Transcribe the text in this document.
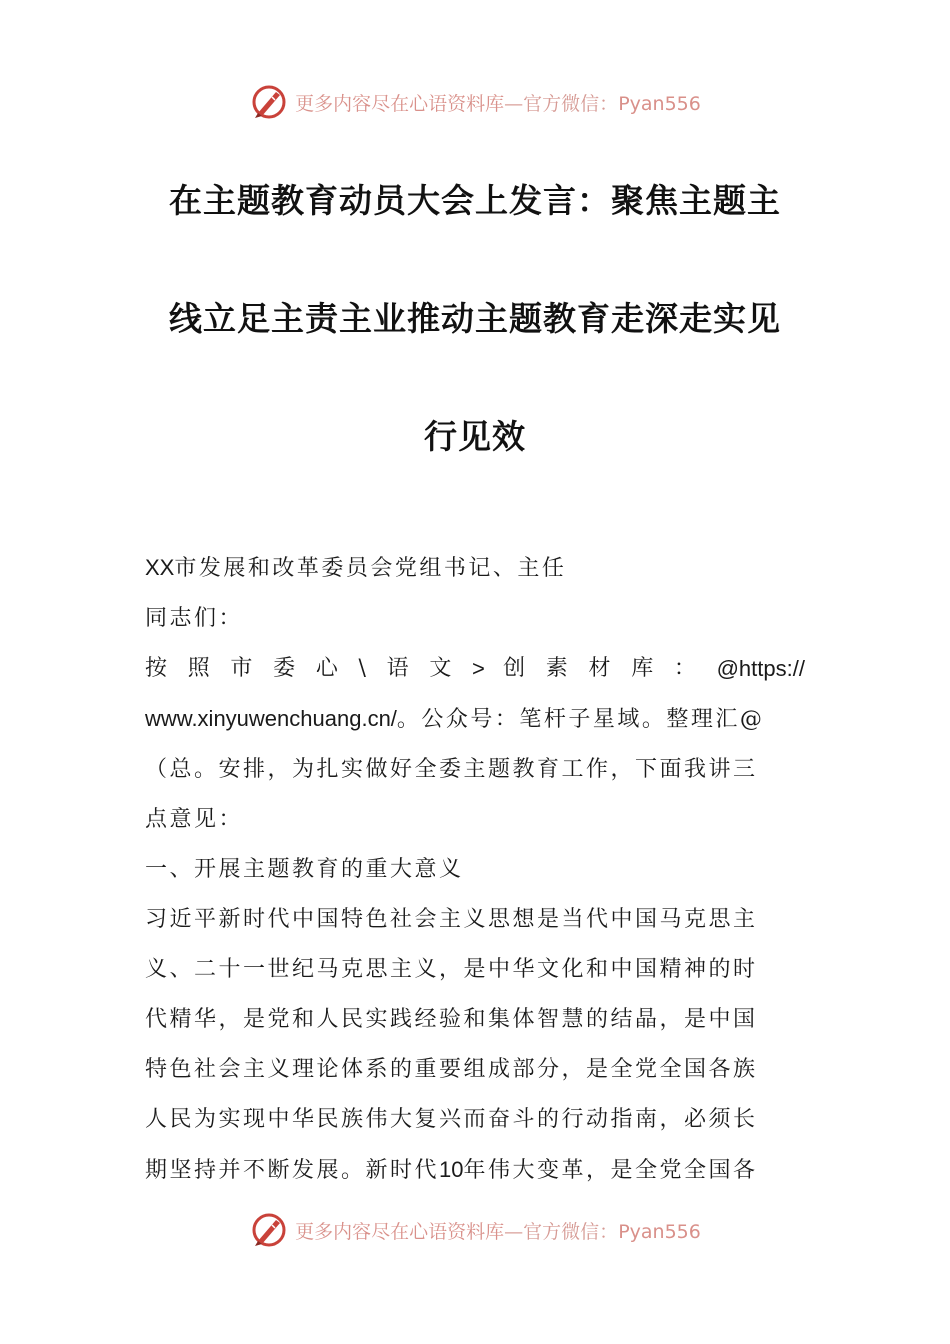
更多内容尽在心语资料库—官方微信：Pyan556
在主题教育动员大会上发言：聚焦主题主
线立足主责主业推动主题教育走深走实见
行见效

XX市发展和改革委员会党组书记、主任

同志们：

按 照 市 委 心 \ 语 文 > 创 素 材 库 ： @https://

www.xinyuwenchuang.cn/。公众号：笔杆子星域。整理汇@

（总。安排，为扎实做好全委主题教育工作，下面我讲三

点意见：

一、开展主题教育的重大意义

习近平新时代中国特色社会主义思想是当代中国马克思主

义、二十一世纪马克思主义，是中华文化和中国精神的时

代精华，是党和人民实践经验和集体智慧的结晶，是中国

特色社会主义理论体系的重要组成部分，是全党全国各族

人民为实现中华民族伟大复兴而奋斗的行动指南，必须长

期坚持并不断发展。新时代10年伟大变革，是全党全国各

更多内容尽在心语资料库—官方微信：Pyan556
